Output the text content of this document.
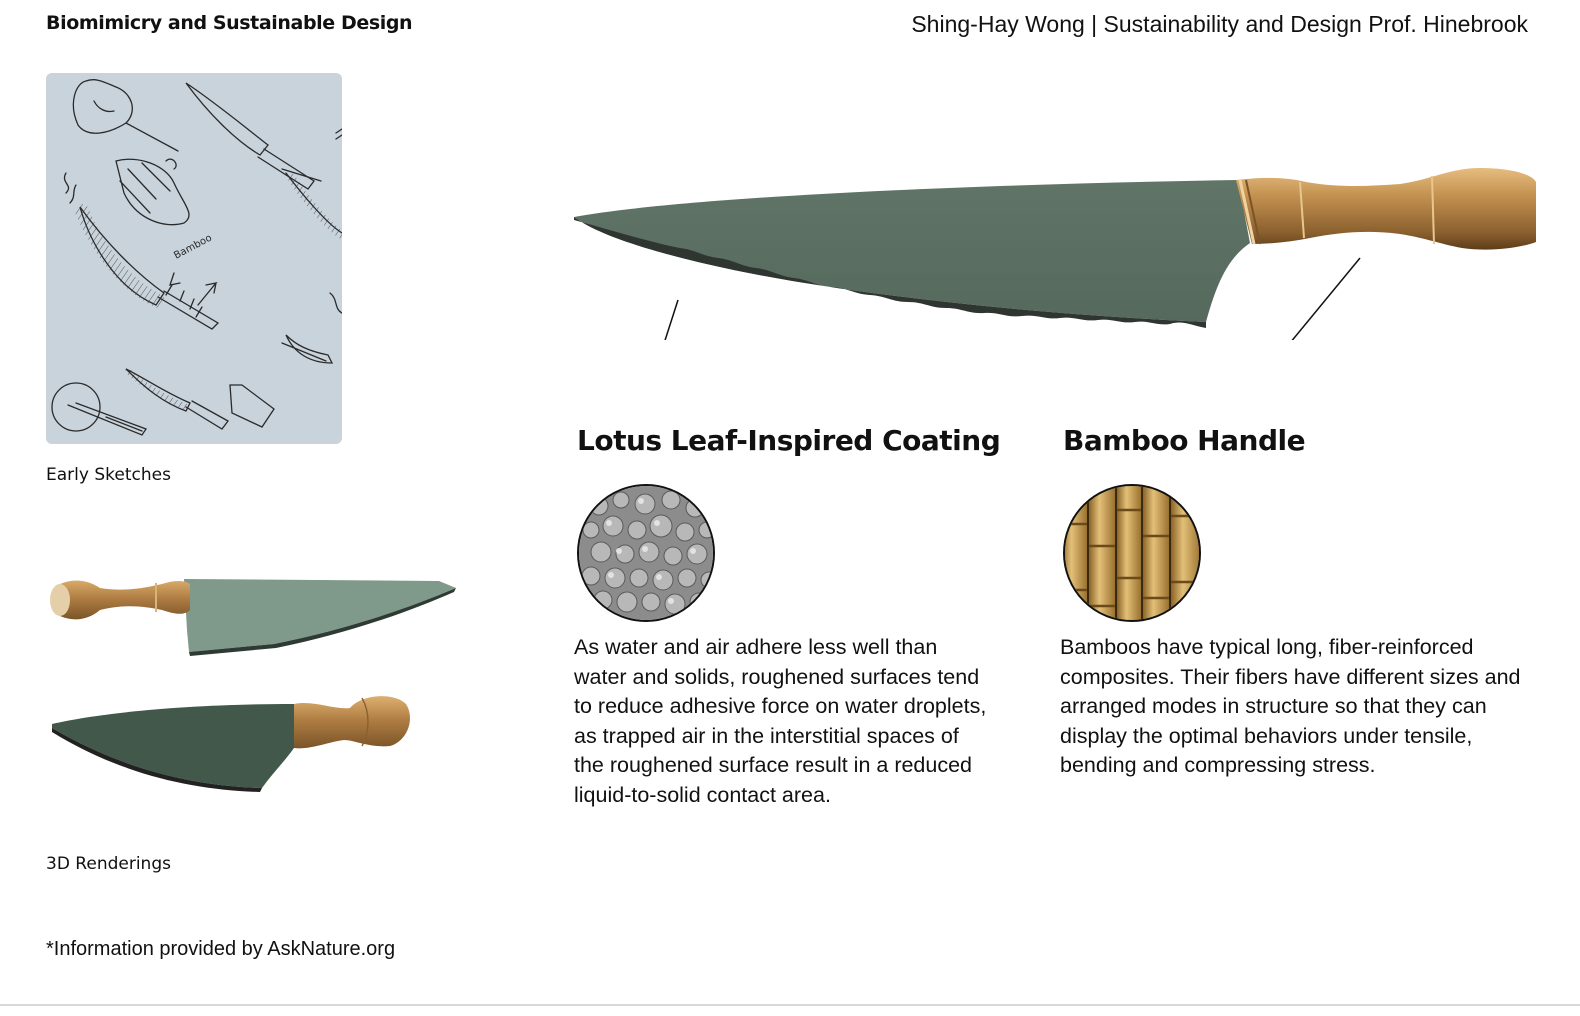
Biomimicry and Sustainable Design	Shing-Hay Wong | Sustainability and Design Prof. Hinebrook
Bamboo
Early Sketches
3D Renderings
Lotus Leaf-Inspired Coating
As water and air adhere less well than water and solids, roughened surfaces tend to reduce adhesive force on water droplets, as trapped air in the interstitial spaces of the roughened surface result in a reduced liquid-to-solid contact area.
Bamboo Handle
Bamboos have typical long, fiber-reinforced composites. Their fibers have different sizes and arranged modes in structure so that they can display the optimal behaviors under tensile, bending and compressing stress.
*Information provided by AskNature.org
